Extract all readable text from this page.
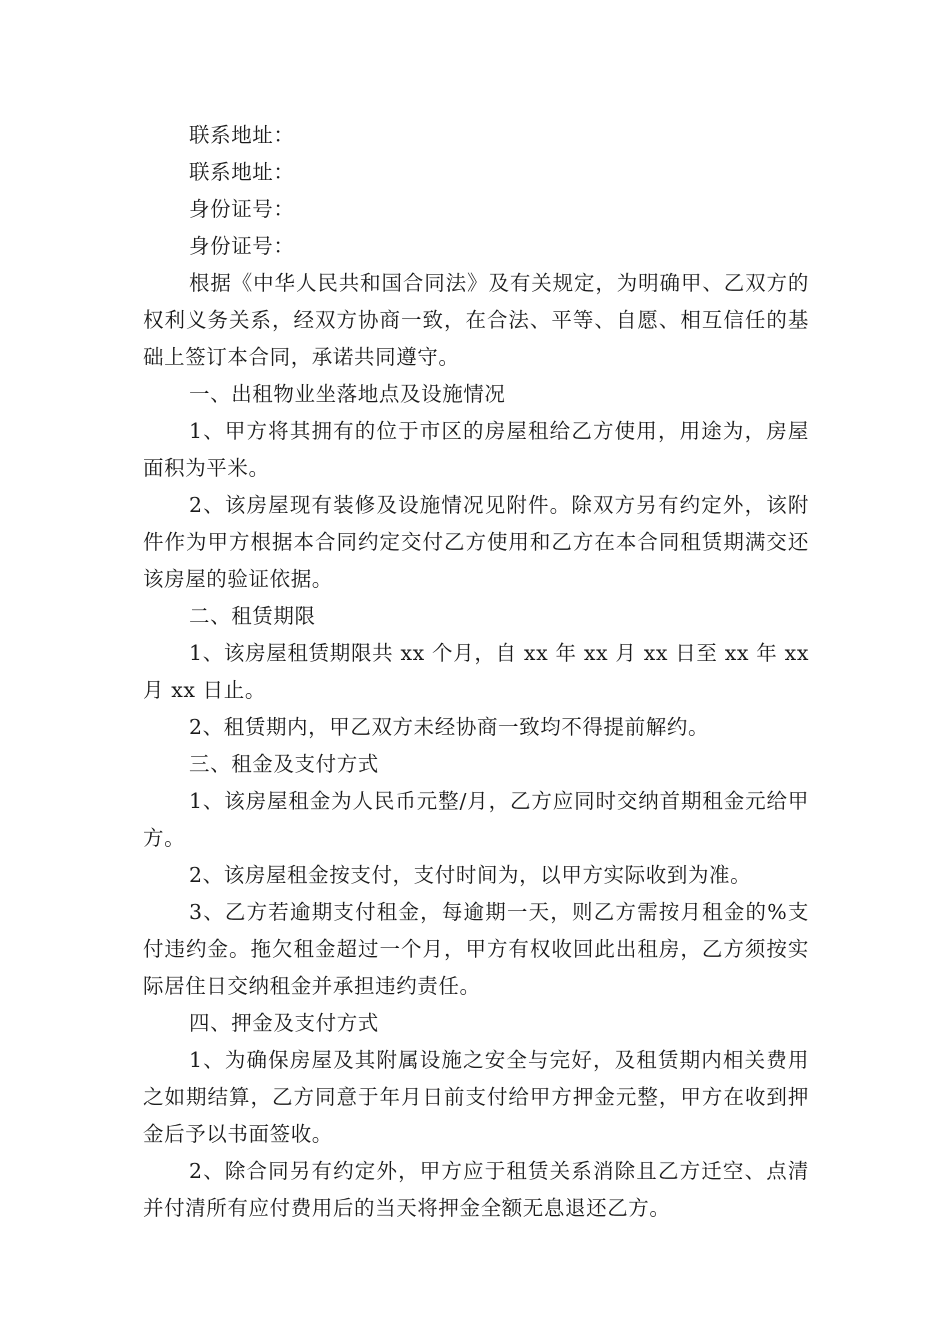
联系地址：

联系地址：

身份证号：

身份证号：

根据《中华人民共和国合同法》及有关规定，为明确甲、乙双方的权利义务关系，经双方协商一致，在合法、平等、自愿、相互信任的基础上签订本合同，承诺共同遵守。

一、出租物业坐落地点及设施情况

1、甲方将其拥有的位于市区的房屋租给乙方使用，用途为，房屋面积为平米。

2、该房屋现有装修及设施情况见附件。除双方另有约定外，该附件作为甲方根据本合同约定交付乙方使用和乙方在本合同租赁期满交还该房屋的验证依据。

二、租赁期限

1、该房屋租赁期限共 xx 个月，自 xx 年 xx 月 xx 日至 xx 年 xx 月 xx 日止。

2、租赁期内，甲乙双方未经协商一致均不得提前解约。

三、租金及支付方式

1、该房屋租金为人民币元整/月，乙方应同时交纳首期租金元给甲方。

2、该房屋租金按支付，支付时间为，以甲方实际收到为准。

3、乙方若逾期支付租金，每逾期一天，则乙方需按月租金的%支付违约金。拖欠租金超过一个月，甲方有权收回此出租房，乙方须按实际居住日交纳租金并承担违约责任。

四、押金及支付方式

1、为确保房屋及其附属设施之安全与完好，及租赁期内相关费用之如期结算，乙方同意于年月日前支付给甲方押金元整，甲方在收到押金后予以书面签收。

2、除合同另有约定外，甲方应于租赁关系消除且乙方迁空、点清并付清所有应付费用后的当天将押金全额无息退还乙方。
